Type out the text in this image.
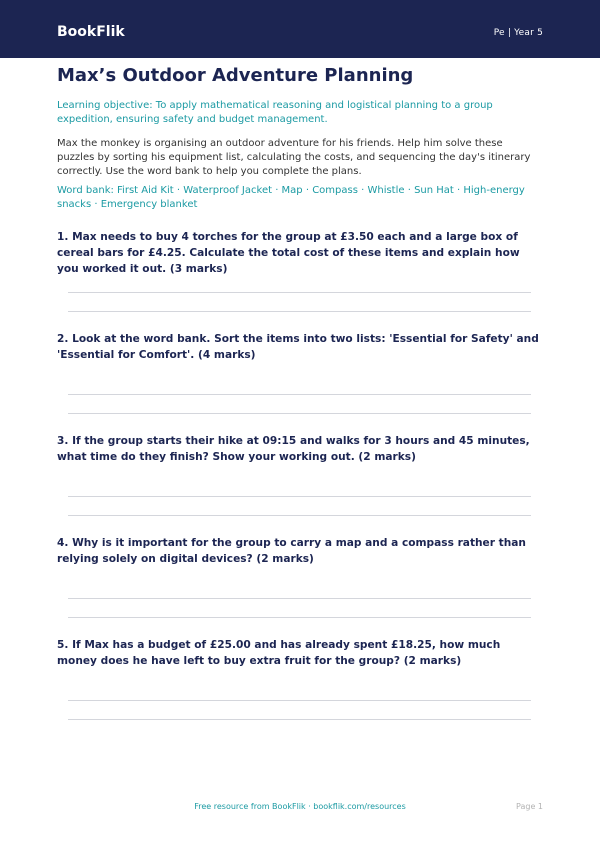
BookFlik	Pe | Year 5
Max’s Outdoor Adventure Planning

Learning objective: To apply mathematical reasoning and logistical planning to a group expedition, ensuring safety and budget management.

Max the monkey is organising an outdoor adventure for his friends. Help him solve these puzzles by sorting his equipment list, calculating the costs, and sequencing the day's itinerary correctly. Use the word bank to help you complete the plans.

Word bank: First Aid Kit · Waterproof Jacket · Map · Compass · Whistle · Sun Hat · High-energy snacks · Emergency blanket

1. Max needs to buy 4 torches for the group at £3.50 each and a large box of cereal bars for £4.25. Calculate the total cost of these items and explain how you worked it out. (3 marks)

2. Look at the word bank. Sort the items into two lists: 'Essential for Safety' and 'Essential for Comfort'. (4 marks)

3. If the group starts their hike at 09:15 and walks for 3 hours and 45 minutes, what time do they finish? Show your working out. (2 marks)

4. Why is it important for the group to carry a map and a compass rather than relying solely on digital devices? (2 marks)

5. If Max has a budget of £25.00 and has already spent £18.25, how much money does he have left to buy extra fruit for the group? (2 marks)

Free resource from BookFlik · bookflik.com/resources	Page 1
